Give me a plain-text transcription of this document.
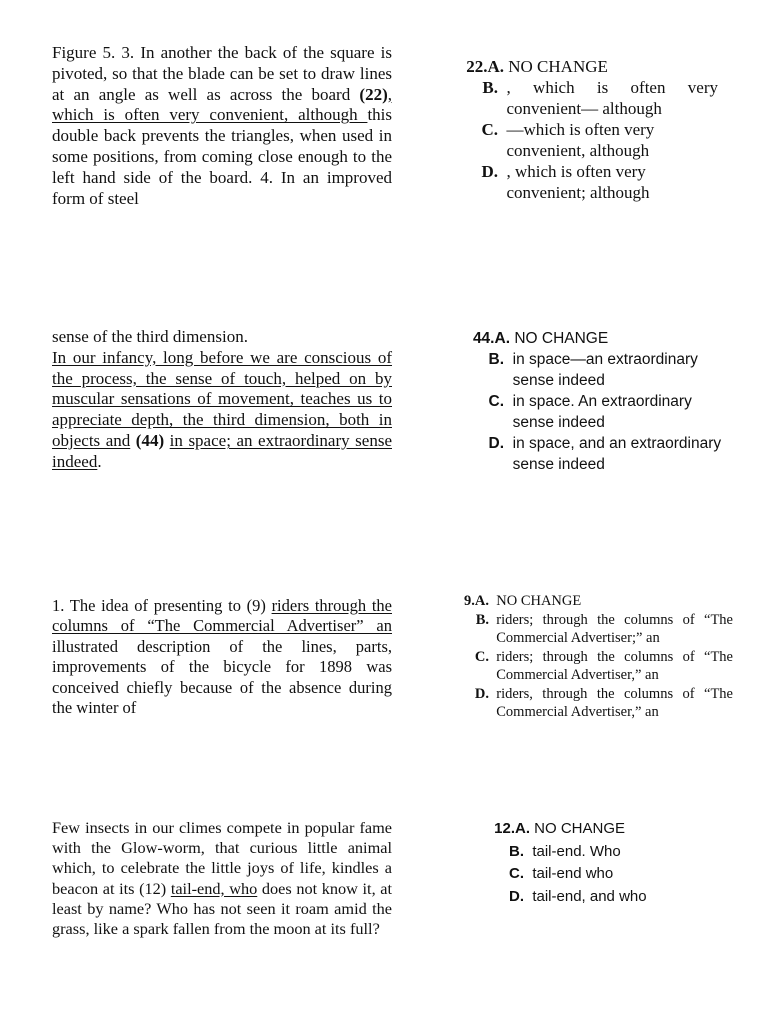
Figure 5. 3. In another the back of the square is pivoted, so that the blade can be set to draw lines at an angle as well as across the board (22), which is often very convenient, although this double back prevents the triangles, when used in some positions, from coming close enough to the left hand side of the board. 4. In an improved form of steel
sense of the third dimension.
In our infancy, long before we are conscious of the process, the sense of touch, helped on by muscular sensations of movement, teaches us to appreciate depth, the third dimension, both in objects and (44) in space; an extraordinary sense indeed.
1. The idea of presenting to (9) riders through the columns of “The Commercial Advertiser” an illustrated description of the lines, parts, improvements of the bicycle for 1898 was conceived chiefly because of the absence during the winter of
Few insects in our climes compete in popular fame with the Glow-worm, that curious little animal which, to celebrate the little joys of life, kindles a beacon at its (12) tail-end, who does not know it, at least by name? Who has not seen it roam amid the grass, like a spark fallen from the moon at its full?
22.A.
NO CHANGE
B.
, which is often very convenient— although
C.
—which is often very convenient, although
D.
, which is often very convenient; although
44.A.
NO CHANGE
B.
in space—an extraordinary sense indeed
C.
in space. An extraordinary sense indeed
D.
in space, and an extraordinary sense indeed
9.A.
NO CHANGE
B.
riders; through the columns of “The Commercial Advertiser;” an
C.
riders; through the columns of “The Commercial Advertiser,” an
D.
riders, through the columns of “The Commercial Advertiser,” an
12.A.
NO CHANGE
B.
tail-end. Who
C.
tail-end who
D.
tail-end, and who
